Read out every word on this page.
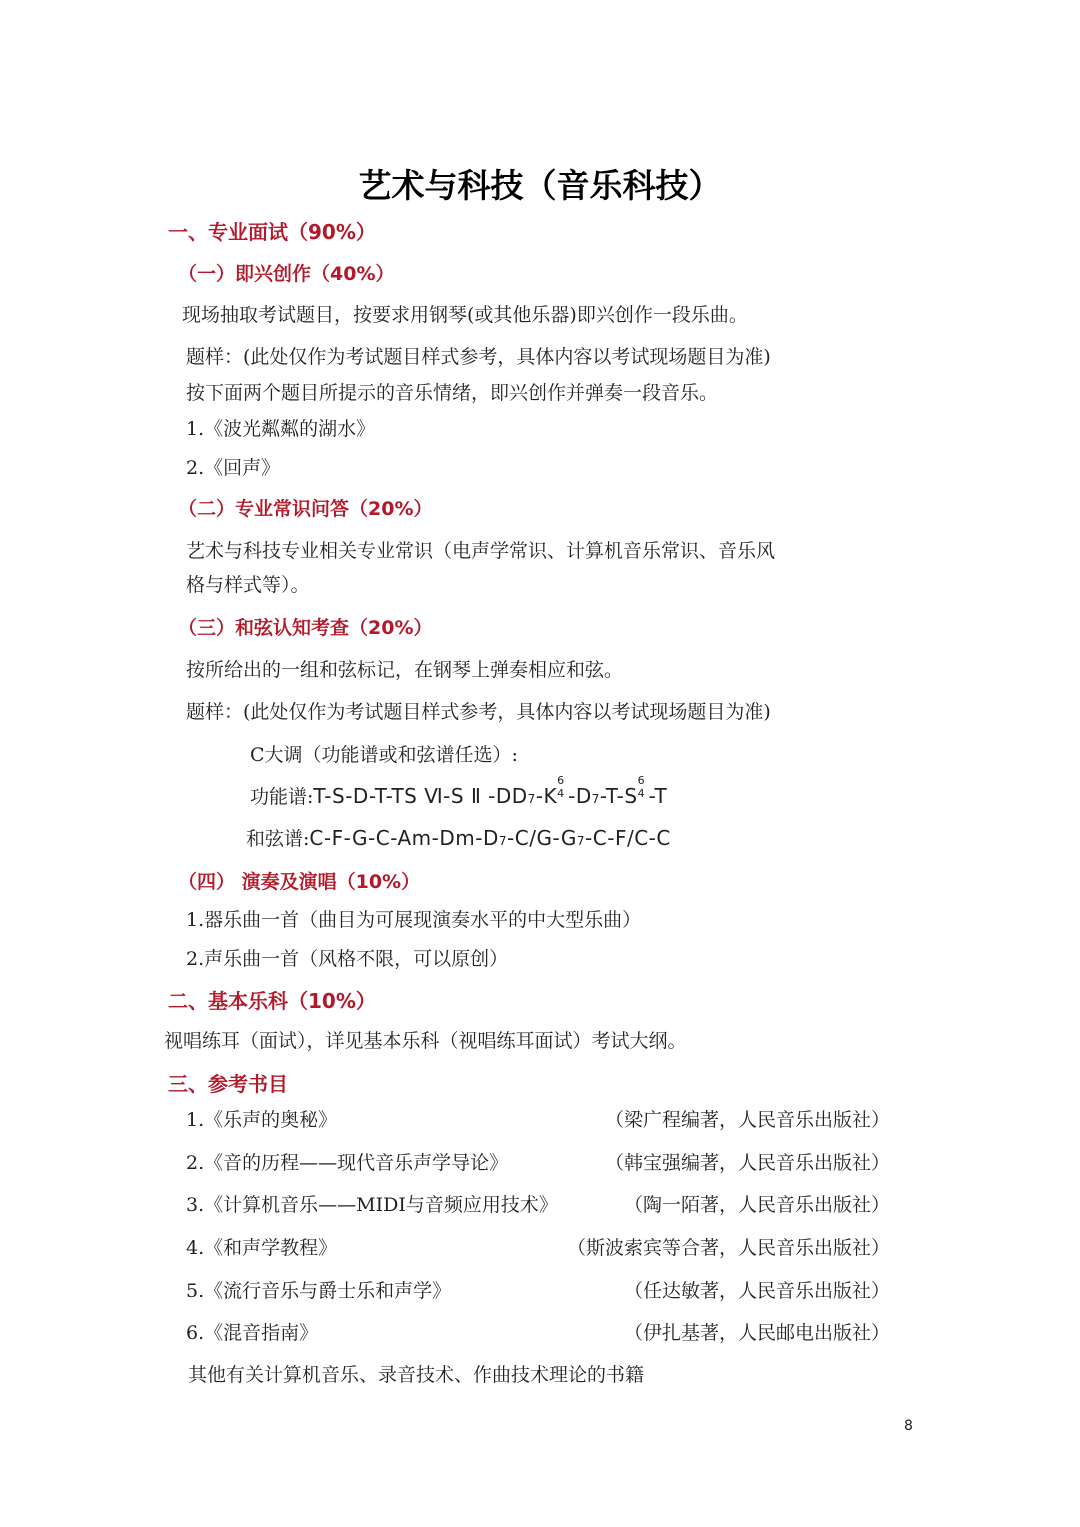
艺术与科技（音乐科技）
一、专业面试（90%）
（一）即兴创作（40%）
现场抽取考试题目，按要求用钢琴(或其他乐器)即兴创作一段乐曲。
题样：(此处仅作为考试题目样式参考，具体内容以考试现场题目为准)
按下面两个题目所提示的音乐情绪，即兴创作并弹奏一段音乐。
1.《波光粼粼的湖水》
2.《回声》
（二）专业常识问答（20%）
艺术与科技专业相关专业常识（电声学常识、计算机音乐常识、音乐风
格与样式等）。
（三）和弦认知考查（20%）
按所给出的一组和弦标记，在钢琴上弹奏相应和弦。
题样：(此处仅作为考试题目样式参考，具体内容以考试现场题目为准)
C大调（功能谱或和弦谱任选）:
功能谱:T-S-D-T-TS Ⅵ-S Ⅱ -DD7-K
6
4 -D7-T-S
6
4 -T
和弦谱:C-F-G-C-Am-Dm-D7-C/G-G7-C-F/C-C
（四） 演奏及演唱（10%）
1.器乐曲一首（曲目为可展现演奏水平的中大型乐曲）
2.声乐曲一首（风格不限，可以原创）
二、基本乐科（10%）
视唱练耳（面试），详见基本乐科（视唱练耳面试）考试大纲。
三、参考书目
1.《乐声的奥秘》	（梁广程编著，人民音乐出版社）
2.《音的历程——现代音乐声学导论》	（韩宝强编著，人民音乐出版社）
3.《计算机音乐——MIDI与音频应用技术》	（陶一陌著，人民音乐出版社）
4.《和声学教程》	（斯波索宾等合著，人民音乐出版社）
5.《流行音乐与爵士乐和声学》	（任达敏著，人民音乐出版社）
6.《混音指南》	（伊扎基著，人民邮电出版社）
其他有关计算机音乐、录音技术、作曲技术理论的书籍
8
